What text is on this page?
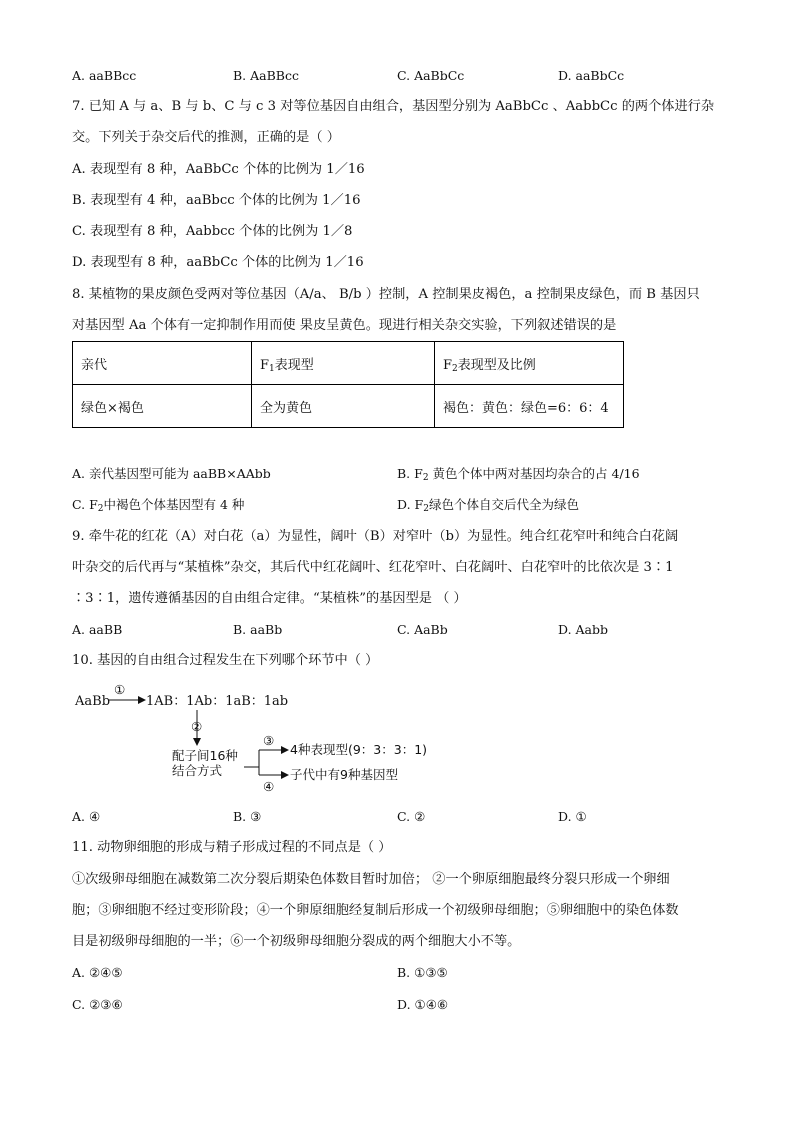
A. aaBBcc	B. AaBBcc	C. AaBbCc	D. aaBbCc
7. 已知 A 与 a、B 与 b、C 与 c 3 对等位基因自由组合，基因型分别为 AaBbCc 、AabbCc 的两个体进行杂
交。下列关于杂交后代的推测，正确的是（ ）
A. 表现型有 8 种，AaBbCc 个体的比例为 1／16
B. 表现型有 4 种，aaBbcc 个体的比例为 1／16
C. 表现型有 8 种，Aabbcc 个体的比例为 1／8
D. 表现型有 8 种，aaBbCc 个体的比例为 1／16
8. 某植物的果皮颜色受两对等位基因（A/a、 B/b ）控制，A 控制果皮褐色，a 控制果皮绿色，而 B 基因只
对基因型 Aa 个体有一定抑制作用而使 果皮呈黄色。现进行相关杂交实验，下列叙述错误的是
亲代	$F_1$表现型	$F_2$表现型及比例
绿色×褐色	全为黄色	褐色：黄色：绿色=6：6：4
A. 亲代基因型可能为 aaBB×AAbb	B. $F_2$ 黄色个体中两对基因均杂合的占 4/16
C. $F_2$中褐色个体基因型有 4 种	D. $F_2$绿色个体自交后代全为绿色
9. 牵牛花的红花（A）对白花（a）为显性，阔叶（B）对窄叶（b）为显性。纯合红花窄叶和纯合白花阔
叶杂交的后代再与“某植株”杂交，其后代中红花阔叶、红花窄叶、白花阔叶、白花窄叶的比依次是 3∶1
∶3∶1，遗传遵循基因的自由组合定律。“某植株”的基因型是 （ ）
A. aaBB	B. aaBb	C. AaBb	D. Aabb
10. 基因的自由组合过程发生在下列哪个环节中（ ）
AaBb
①
1AB：1Ab：1aB：1ab
②
配子间16种
结合方式
③
④
4种表现型(9：3：3：1)
子代中有9种基因型
A. ④	B. ③	C. ②	D. ①
11. 动物卵细胞的形成与精子形成过程的不同点是（ ）
①次级卵母细胞在减数第二次分裂后期染色体数目暂时加倍； ②一个卵原细胞最终分裂只形成一个卵细
胞；③卵细胞不经过变形阶段；④一个卵原细胞经复制后形成一个初级卵母细胞；⑤卵细胞中的染色体数
目是初级卵母细胞的一半；⑥一个初级卵母细胞分裂成的两个细胞大小不等。
A. ②④⑤	B. ①③⑤
C. ②③⑥	D. ①④⑥
